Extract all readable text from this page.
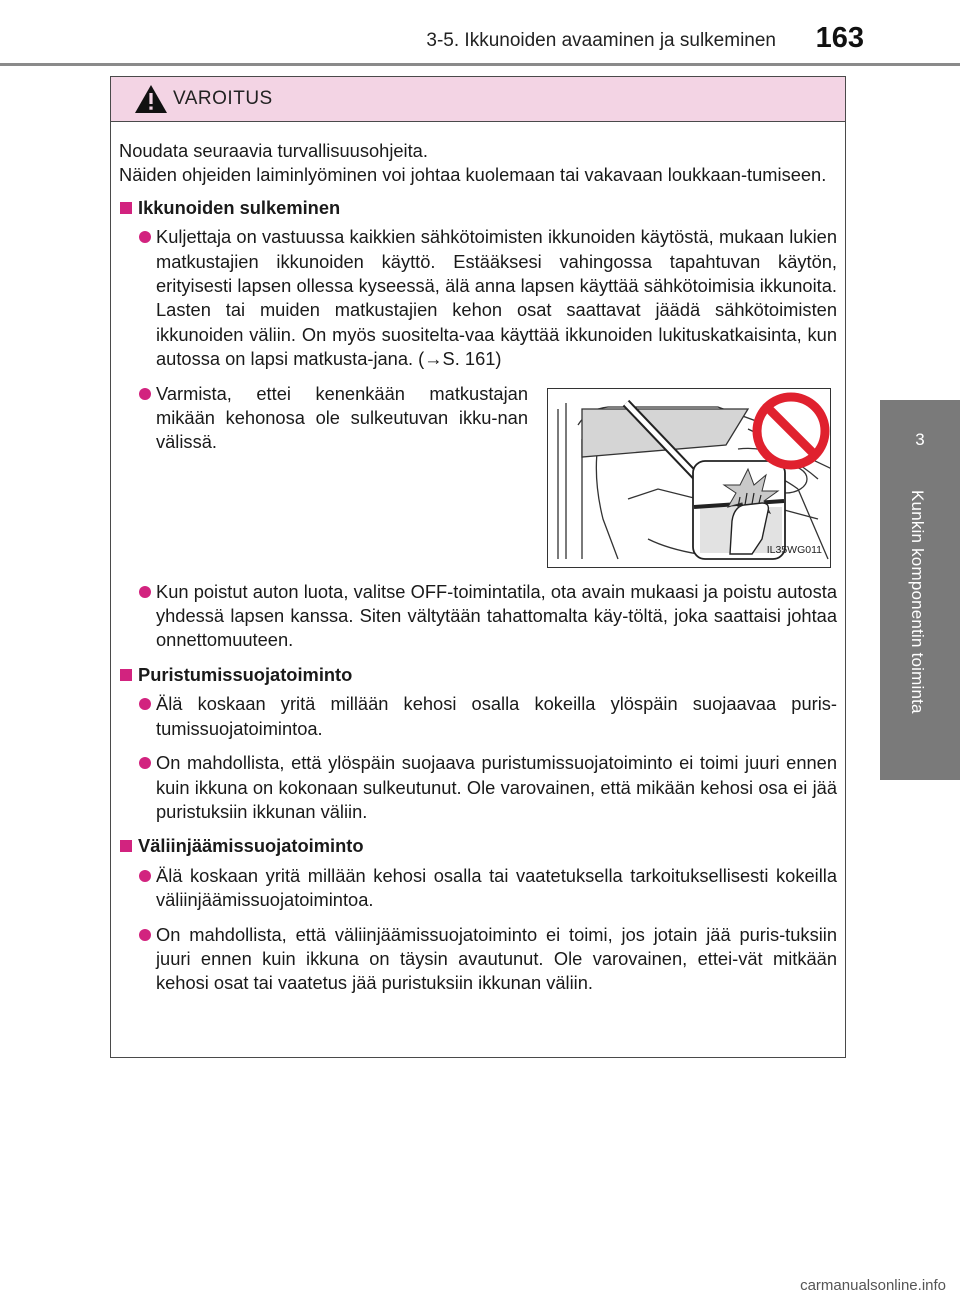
3-5. Ikkunoiden avaaminen ja sulkeminen 163
3
Kunkin komponentin toiminta
VAROITUS

Noudata seuraavia turvallisuusohjeita.

Näiden ohjeiden laiminlyöminen voi johtaa kuolemaan tai vakavaan loukkaan-tumiseen.

Ikkunoiden sulkeminen

Kuljettaja on vastuussa kaikkien sähkötoimisten ikkunoiden käytöstä, mukaan lukien matkustajien ikkunoiden käyttö. Estääksesi vahingossa tapahtuvan käytön, erityisesti lapsen ollessa kyseessä, älä anna lapsen käyttää sähkötoimisia ikkunoita. Lasten tai muiden matkustajien kehon osat saattavat jäädä sähkötoimisten ikkunoiden väliin. On myös suositelta-vaa käyttää ikkunoiden lukituskatkaisinta, kun autossa on lapsi matkusta-jana. (→S. 161)

Varmista, ettei kenenkään matkustajan mikään kehonosa ole sulkeutuvan ikku-nan välissä.

IL35WG011

Kun poistut auton luota, valitse OFF-toimintatila, ota avain mukaasi ja poistu autosta yhdessä lapsen kanssa. Siten vältytään tahattomalta käy-töltä, joka saattaisi johtaa onnettomuuteen.

Puristumissuojatoiminto

Älä koskaan yritä millään kehosi osalla kokeilla ylöspäin suojaavaa puris-tumissuojatoimintoa.

On mahdollista, että ylöspäin suojaava puristumissuojatoiminto ei toimi juuri ennen kuin ikkuna on kokonaan sulkeutunut. Ole varovainen, että mikään kehosi osa ei jää puristuksiin ikkunan väliin.

Väliinjäämissuojatoiminto

Älä koskaan yritä millään kehosi osalla tai vaatetuksella tarkoituksellisesti kokeilla väliinjäämissuojatoimintoa.

On mahdollista, että väliinjäämissuojatoiminto ei toimi, jos jotain jää puris-tuksiin juuri ennen kuin ikkuna on täysin avautunut. Ole varovainen, ettei-vät mitkään kehosi osat tai vaatetus jää puristuksiin ikkunan väliin.

carmanualsonline.info
